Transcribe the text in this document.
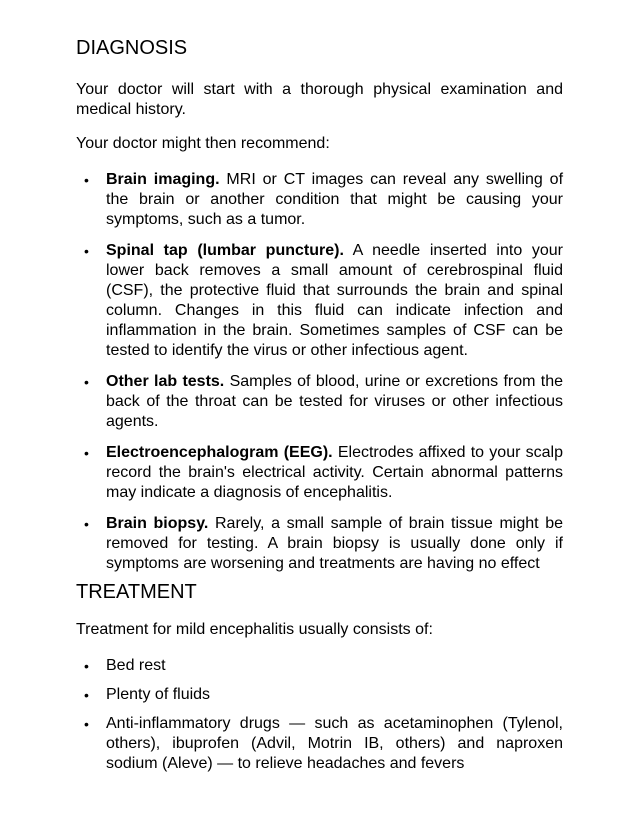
DIAGNOSIS

Your doctor will start with a thorough physical examination and medical history.

Your doctor might then recommend:

• Brain imaging. MRI or CT images can reveal any swelling of the brain or another condition that might be causing your symptoms, such as a tumor.
• Spinal tap (lumbar puncture). A needle inserted into your lower back removes a small amount of cerebrospinal fluid (CSF), the protective fluid that surrounds the brain and spinal column. Changes in this fluid can indicate infection and inflammation in the brain. Sometimes samples of CSF can be tested to identify the virus or other infectious agent.
• Other lab tests. Samples of blood, urine or excretions from the back of the throat can be tested for viruses or other infectious agents.
• Electroencephalogram (EEG). Electrodes affixed to your scalp record the brain's electrical activity. Certain abnormal patterns may indicate a diagnosis of encephalitis.
• Brain biopsy. Rarely, a small sample of brain tissue might be removed for testing. A brain biopsy is usually done only if symptoms are worsening and treatments are having no effect
TREATMENT

Treatment for mild encephalitis usually consists of:

• Bed rest
• Plenty of fluids
• Anti-inflammatory drugs — such as acetaminophen (Tylenol, others), ibuprofen (Advil, Motrin IB, others) and naproxen sodium (Aleve) — to relieve headaches and fevers
